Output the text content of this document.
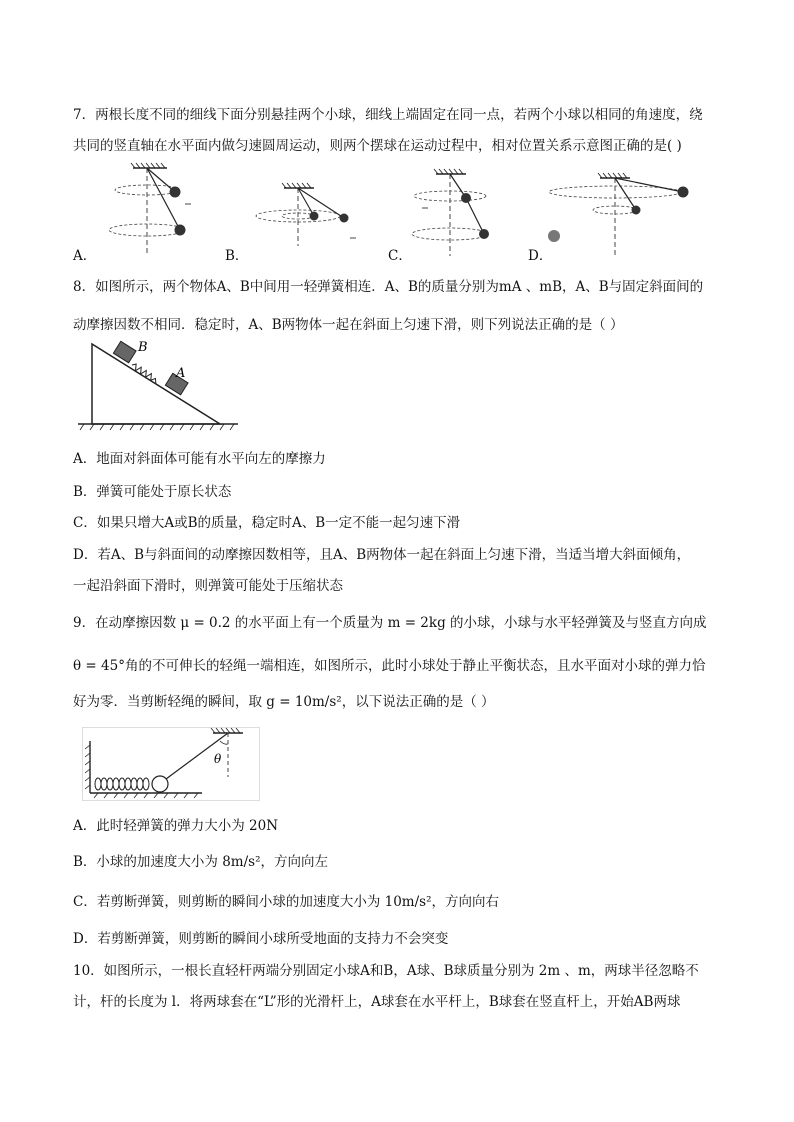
7．两根长度不同的细线下面分别悬挂两个小球，细线上端固定在同一点，若两个小球以相同的角速度，绕
共同的竖直轴在水平面内做匀速圆周运动，则两个摆球在运动过程中，相对位置关系示意图正确的是( )
A．	B．	C．	D．
8．如图所示，两个物体A、B中间用一轻弹簧相连．A、B的质量分别为mA 、mB，A、B与固定斜面间的
动摩擦因数不相同．稳定时，A、B两物体一起在斜面上匀速下滑，则下列说法正确的是（ ）
B
A
A．地面对斜面体可能有水平向左的摩擦力
B．弹簧可能处于原长状态
C．如果只增大A或B的质量，稳定时A、B一定不能一起匀速下滑
D．若A、B与斜面间的动摩擦因数相等，且A、B两物体一起在斜面上匀速下滑，当适当增大斜面倾角，
一起沿斜面下滑时，则弹簧可能处于压缩状态
9．在动摩擦因数 μ = 0.2 的水平面上有一个质量为 m = 2kg 的小球，小球与水平轻弹簧及与竖直方向成
θ = 45°角的不可伸长的轻绳一端相连，如图所示，此时小球处于静止平衡状态，且水平面对小球的弹力恰
好为零．当剪断轻绳的瞬间，取 g = 10m/s²，以下说法正确的是（ ）
θ
A．此时轻弹簧的弹力大小为 20N
B．小球的加速度大小为 8m/s²，方向向左
C．若剪断弹簧，则剪断的瞬间小球的加速度大小为 10m/s²，方向向右
D．若剪断弹簧，则剪断的瞬间小球所受地面的支持力不会突变
10．如图所示，一根长直轻杆两端分别固定小球A和B，A球、B球质量分别为 2m 、m，两球半径忽略不
计，杆的长度为 l．将两球套在“L”形的光滑杆上，A球套在水平杆上，B球套在竖直杆上，开始AB两球
